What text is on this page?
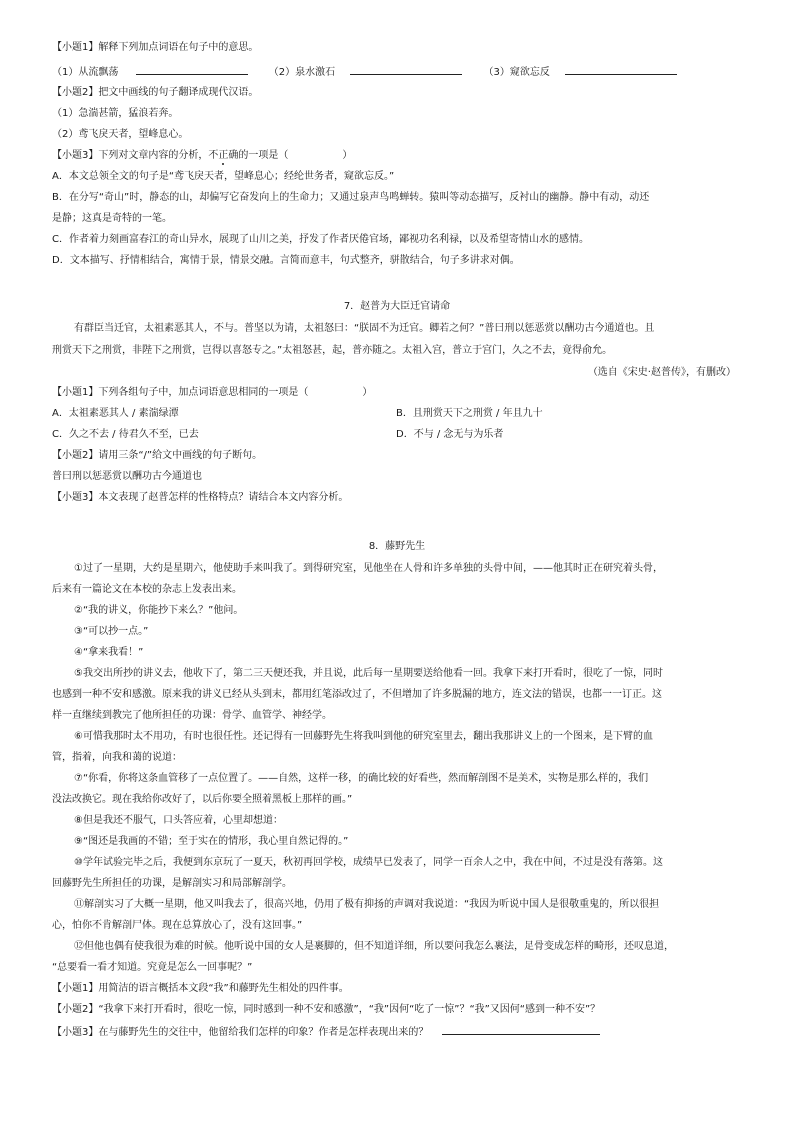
【小题1】解释下列加点词语在句子中的意思。
（1）从流飘荡	（2）泉水激石	（3）窥欲忘反
【小题2】把文中画线的句子翻译成现代汉语。
（1）急湍甚箭，猛浪若奔。
（2）鸢飞戾天者，望峰息心。
【小题3】下列对文章内容的分析，不正确的一项是（	）
A．本文总领全文的句子是“鸢飞戾天者，望峰息心；经纶世务者，窥欲忘反。”
B．在分写“奇山”时，静态的山，却偏写它奋发向上的生命力；又通过泉声鸟鸣蝉转。猿叫等动态描写，反衬山的幽静。静中有动，动还
是静；这真是奇特的一笔。
C．作者着力刻画富春江的奇山异水，展现了山川之美，抒发了作者厌倦官场，鄙视功名利禄，以及希望寄情山水的感情。
D．文本描写、抒情相结合，寓情于景，情景交融。言简而意丰，句式整齐，骈散结合，句子多讲求对偶。
7．赵普为大臣迁官请命
有群臣当迁官，太祖素恶其人，不与。普坚以为请，太祖怒曰：“朕固不为迁官。卿若之何？”普曰刑以惩恶赏以酬功古今通道也。且
刑赏天下之刑赏，非陛下之刑赏，岂得以喜怒专之。”太祖怒甚，起，普亦随之。太祖入宫，普立于宫门，久之不去，竟得俞允。
（选自《宋史·赵普传》，有删改）
【小题1】下列各组句子中，加点词语意思相同的一项是（	）
A．太祖素恶其人 / 素湍绿潭	B．且刑赏天下之刑赏 / 年且九十
C．久之不去 / 待君久不至，已去	D．不与 / 念无与为乐者
【小题2】请用三条“/”给文中画线的句子断句。
普曰刑以惩恶赏以酬功古今通道也
【小题3】本文表现了赵普怎样的性格特点？请结合本文内容分析。
8．藤野先生
①过了一星期，大约是星期六，他使助手来叫我了。到得研究室，见他坐在人骨和许多单独的头骨中间，——他其时正在研究着头骨，
后来有一篇论文在本校的杂志上发表出来。
②“我的讲义，你能抄下来么？”他问。
③“可以抄一点。”
④“拿来我看！”
⑤我交出所抄的讲义去，他收下了，第二三天便还我，并且说，此后每一星期要送给他看一回。我拿下来打开看时，很吃了一惊，同时
也感到一种不安和感激。原来我的讲义已经从头到末，都用红笔添改过了，不但增加了许多脱漏的地方，连文法的错误，也都一一订正。这
样一直继续到教完了他所担任的功课：骨学、血管学、神经学。
⑥可惜我那时太不用功，有时也很任性。还记得有一回藤野先生将我叫到他的研究室里去，翻出我那讲义上的一个图来，是下臂的血
管，指着，向我和蔼的说道：
⑦“你看，你将这条血管移了一点位置了。——自然，这样一移，的确比较的好看些，然而解剖图不是美术，实物是那么样的，我们
没法改换它。现在我给你改好了，以后你要全照着黑板上那样的画。”
⑧但是我还不服气，口头答应着，心里却想道：
⑨“图还是我画的不错；至于实在的情形，我心里自然记得的。”
⑩学年试验完毕之后，我便到东京玩了一夏天，秋初再回学校，成绩早已发表了，同学一百余人之中，我在中间，不过是没有落第。这
回藤野先生所担任的功课，是解剖实习和局部解剖学。
⑪解剖实习了大概一星期，他又叫我去了，很高兴地，仍用了极有抑扬的声调对我说道：“我因为听说中国人是很敬重鬼的，所以很担
心，怕你不肯解剖尸体。现在总算放心了，没有这回事。”
⑫但他也偶有使我很为难的时候。他听说中国的女人是裹脚的，但不知道详细，所以要问我怎么裹法，足骨变成怎样的畸形，还叹息道，
“总要看一看才知道。究竟是怎么一回事呢？”
【小题1】用简洁的语言概括本文段“我”和藤野先生相处的四件事。
【小题2】“我拿下来打开看时，很吃一惊，同时感到一种不安和感激”，“我”因何“吃了一惊”？“我”又因何“感到一种不安”？
【小题3】在与藤野先生的交往中，他留给我们怎样的印象？作者是怎样表现出来的？
